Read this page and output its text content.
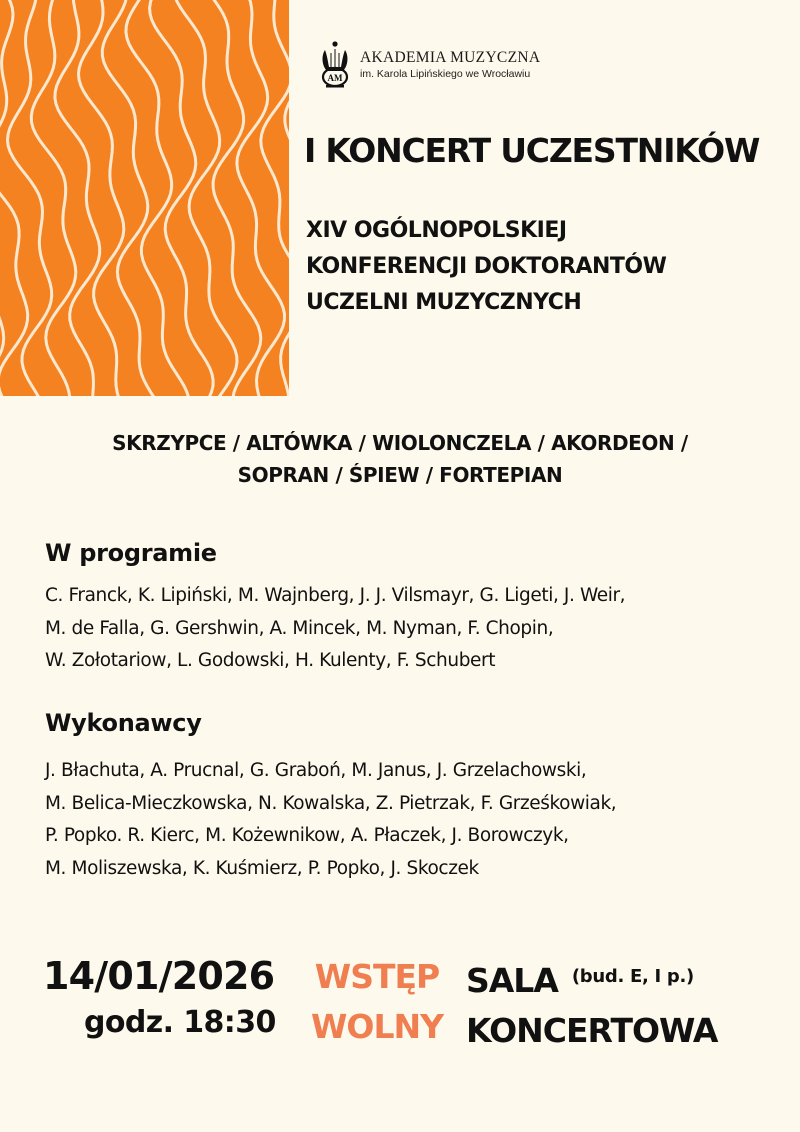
AM
AKADEMIA MUZYCZNA
im. Karola Lipińskiego we Wrocławiu
I KONCERT UCZESTNIKÓW
XIV OGÓLNOPOLSKIEJ
KONFERENCJI DOKTORANTÓW
UCZELNI MUZYCZNYCH
SKRZYPCE / ALTÓWKA / WIOLONCZELA / AKORDEON /
SOPRAN / ŚPIEW / FORTEPIAN
W programie
C. Franck, K. Lipiński, M. Wajnberg, J. J. Vilsmayr, G. Ligeti, J. Weir,
M. de Falla, G. Gershwin, A. Mincek, M. Nyman, F. Chopin,
W. Zołotariow, L. Godowski, H. Kulenty, F. Schubert
Wykonawcy
J. Błachuta, A. Prucnal, G. Graboń, M. Janus, J. Grzelachowski,
M. Belica-Mieczkowska, N. Kowalska, Z. Pietrzak, F. Grześkowiak,
P. Popko. R. Kierc, M. Kożewnikow, A. Płaczek, J. Borowczyk,
M. Moliszewska, K. Kuśmierz, P. Popko, J. Skoczek
14/01/2026
godz. 18:30
WSTĘP
WOLNY
SALA $^{(bud. E, I p.)}$
KONCERTOWA
